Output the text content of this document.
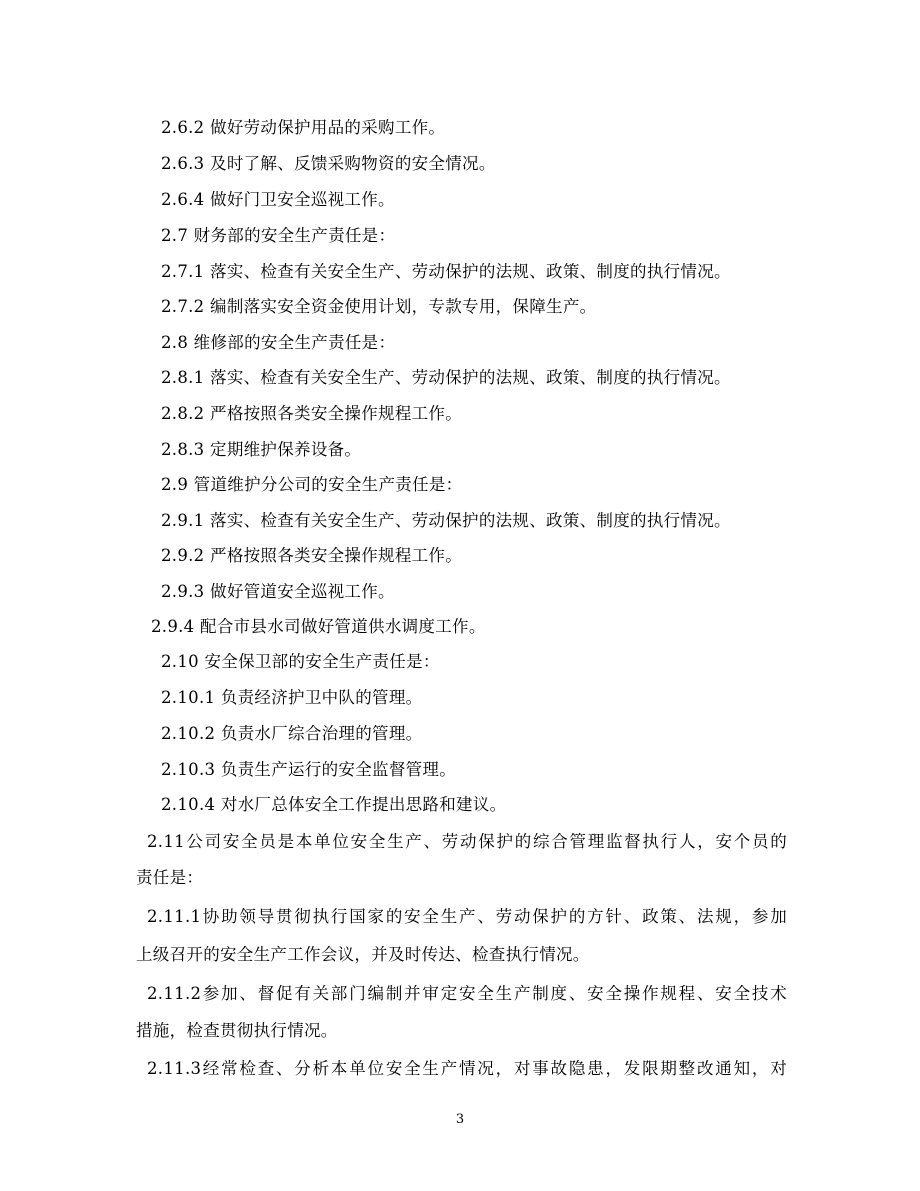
2.6.2 做好劳动保护用品的采购工作。
2.6.3 及时了解、反馈采购物资的安全情况。
2.6.4 做好门卫安全巡视工作。
2.7 财务部的安全生产责任是：
2.7.1 落实、检查有关安全生产、劳动保护的法规、政策、制度的执行情况。
2.7.2 编制落实安全资金使用计划，专款专用，保障生产。
2.8 维修部的安全生产责任是：
2.8.1 落实、检查有关安全生产、劳动保护的法规、政策、制度的执行情况。
2.8.2 严格按照各类安全操作规程工作。
2.8.3 定期维护保养设备。
2.9 管道维护分公司的安全生产责任是：
2.9.1 落实、检查有关安全生产、劳动保护的法规、政策、制度的执行情况。
2.9.2 严格按照各类安全操作规程工作。
2.9.3 做好管道安全巡视工作。
2.9.4 配合市县水司做好管道供水调度工作。
2.10 安全保卫部的安全生产责任是：
2.10.1 负责经济护卫中队的管理。
2.10.2 负责水厂综合治理的管理。
2.10.3 负责生产运行的安全监督管理。
2.10.4 对水厂总体安全工作提出思路和建议。
2.11公司安全员是本单位安全生产、劳动保护的综合管理监督执行人，安个员的
责任是：
2.11.1协助领导贯彻执行国家的安全生产、劳动保护的方针、政策、法规，参加
上级召开的安全生产工作会议，并及时传达、检查执行情况。
2.11.2参加、督促有关部门编制并审定安全生产制度、安全操作规程、安全技术
措施，检查贯彻执行情况。
2.11.3经常检查、分析本单位安全生产情况，对事故隐患，发限期整改通知，对
3
